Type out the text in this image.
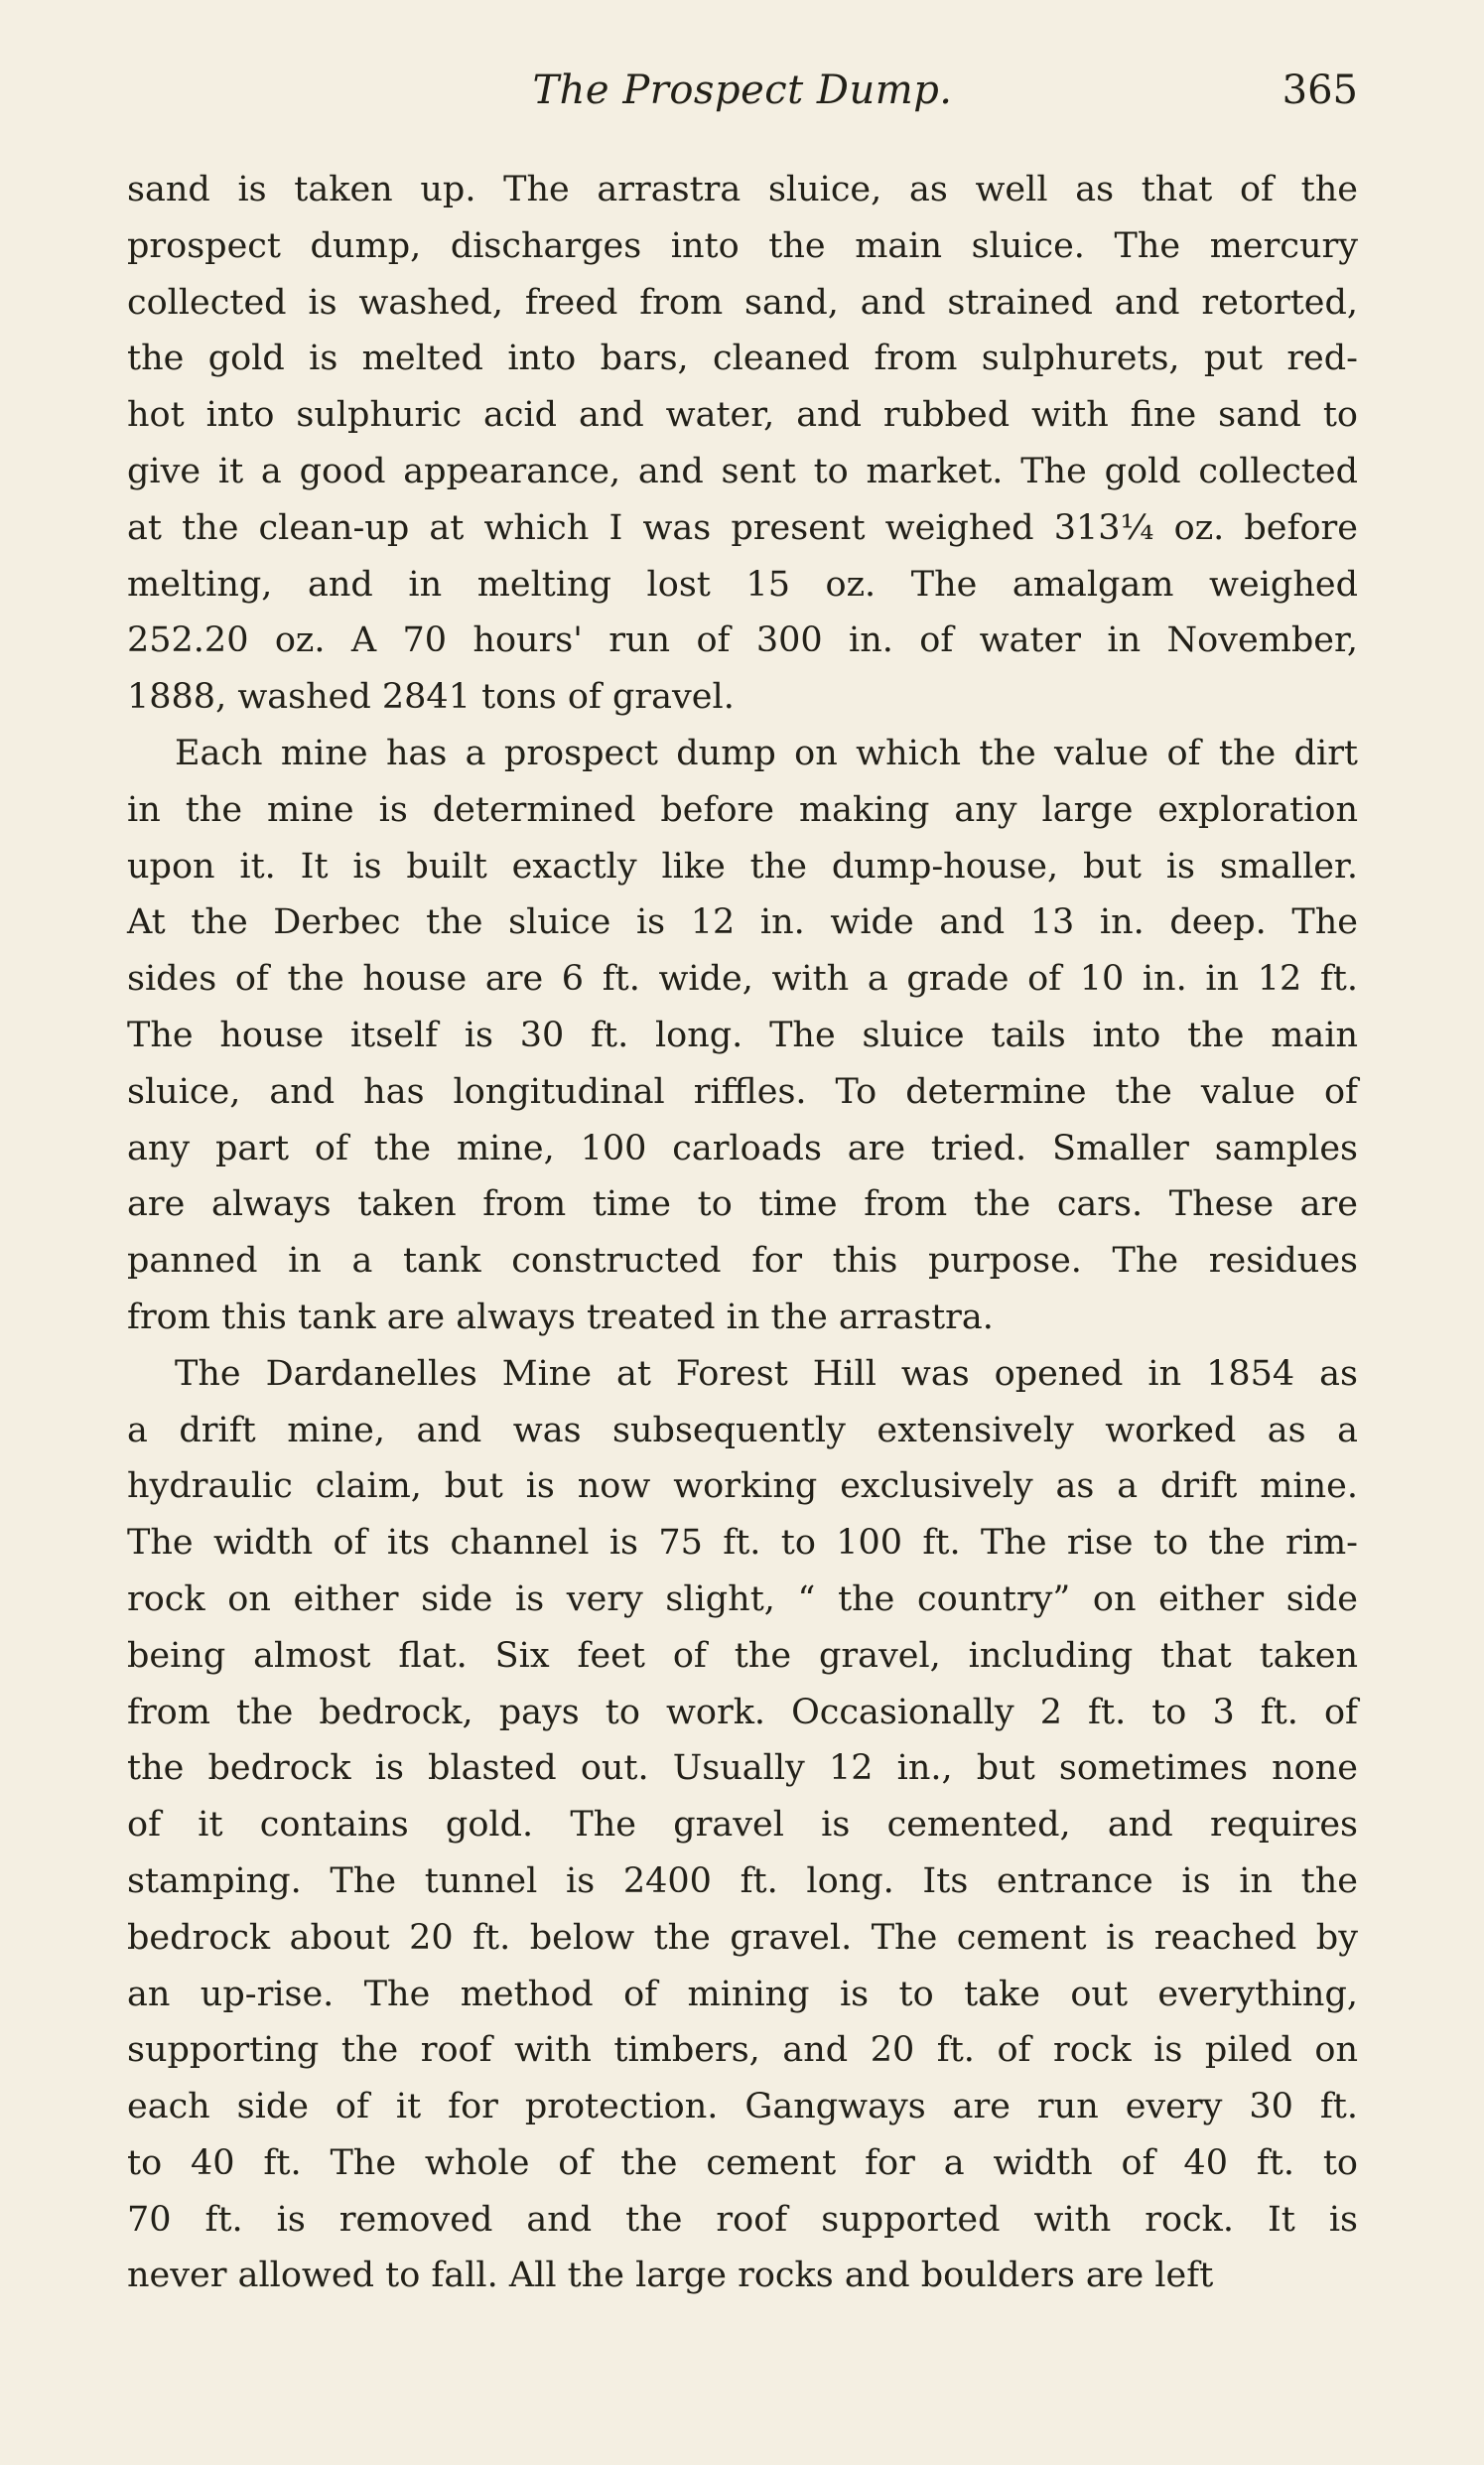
The Prospect Dump.	365
sand is taken up. The arrastra sluice, as well as that of the
prospect dump, discharges into the main sluice. The mercury
collected is washed, freed from sand, and strained and retorted,
the gold is melted into bars, cleaned from sulphurets, put red-
hot into sulphuric acid and water, and rubbed with fine sand to
give it a good appearance, and sent to market. The gold collected
at the clean-up at which I was present weighed 313¼ oz. before
melting, and in melting lost 15 oz. The amalgam weighed
252.20 oz. A 70 hours' run of 300 in. of water in November,
1888, washed 2841 tons of gravel.
Each mine has a prospect dump on which the value of the dirt
in the mine is determined before making any large exploration
upon it. It is built exactly like the dump-house, but is smaller.
At the Derbec the sluice is 12 in. wide and 13 in. deep. The
sides of the house are 6 ft. wide, with a grade of 10 in. in 12 ft.
The house itself is 30 ft. long. The sluice tails into the main
sluice, and has longitudinal riffles. To determine the value of
any part of the mine, 100 carloads are tried. Smaller samples
are always taken from time to time from the cars. These are
panned in a tank constructed for this purpose. The residues
from this tank are always treated in the arrastra.
The Dardanelles Mine at Forest Hill was opened in 1854 as
a drift mine, and was subsequently extensively worked as a
hydraulic claim, but is now working exclusively as a drift mine.
The width of its channel is 75 ft. to 100 ft. The rise to the rim-
rock on either side is very slight, “ the country” on either side
being almost flat. Six feet of the gravel, including that taken
from the bedrock, pays to work. Occasionally 2 ft. to 3 ft. of
the bedrock is blasted out. Usually 12 in., but sometimes none
of it contains gold. The gravel is cemented, and requires
stamping. The tunnel is 2400 ft. long. Its entrance is in the
bedrock about 20 ft. below the gravel. The cement is reached by
an up-rise. The method of mining is to take out everything,
supporting the roof with timbers, and 20 ft. of rock is piled on
each side of it for protection. Gangways are run every 30 ft.
to 40 ft. The whole of the cement for a width of 40 ft. to
70 ft. is removed and the roof supported with rock. It is
never allowed to fall. All the large rocks and boulders are left
